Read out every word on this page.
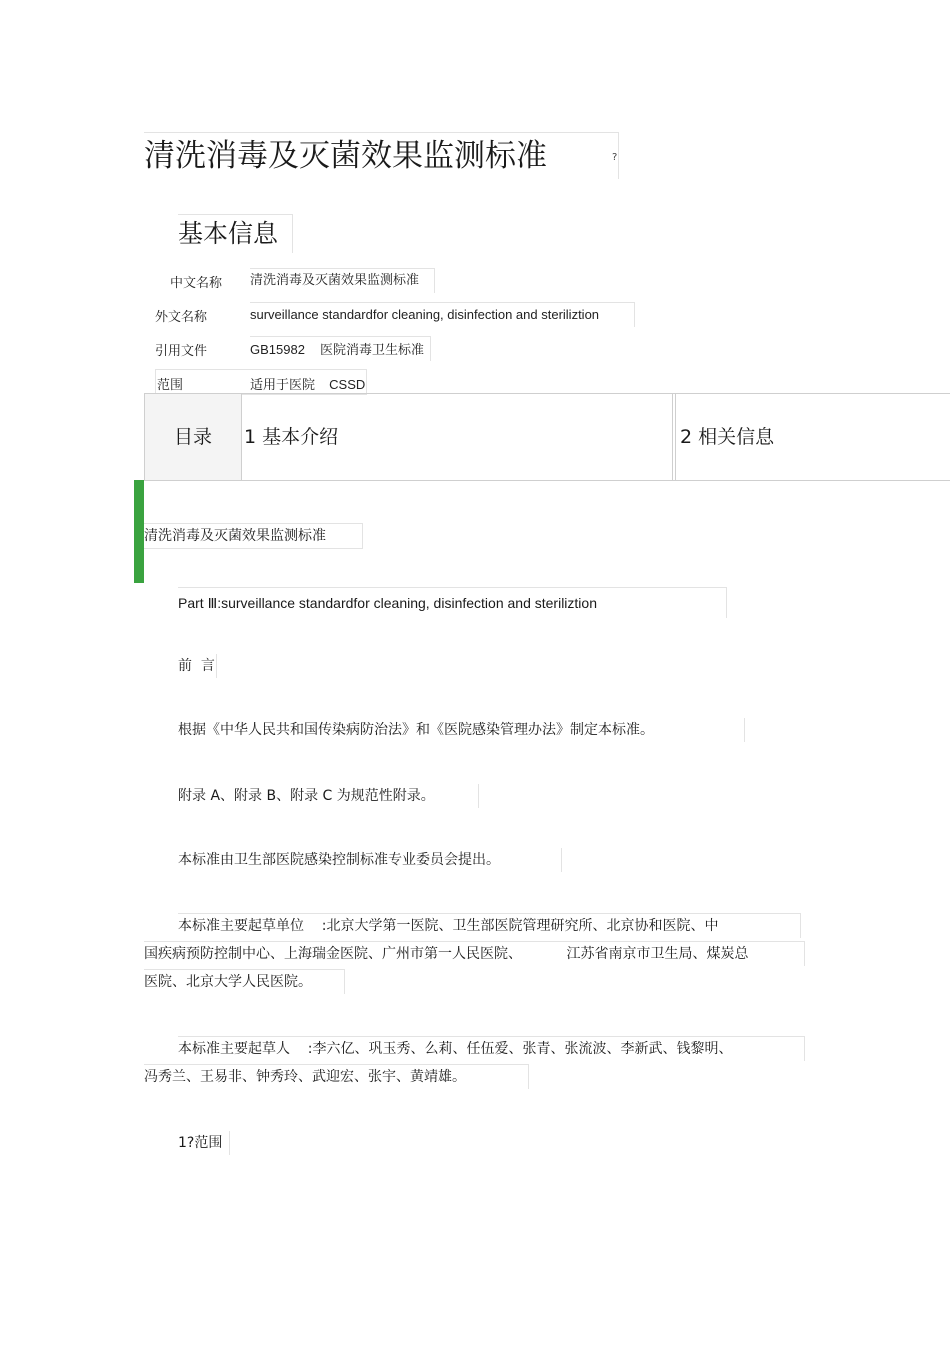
清洗消毒及灭菌效果监测标准	?
基本信息
中文名称 清洗消毒及灭菌效果监测标准
外文名称	surveillance standardfor cleaning, disinfection and steriliztion
引用文件	GB15982 医院消毒卫生标准
范围	适用于医院 CSSD
目录	1 基本介绍	2 相关信息
清洗消毒及灭菌效果监测标准
Part Ⅲ:surveillance standardfor cleaning, disinfection and steriliztion
前  言
根据《中华人民共和国传染病防治法》和《医院感染管理办法》制定本标准。
附录 A、附录 B、附录 C 为规范性附录。
本标准由卫生部医院感染控制标准专业委员会提出。
本标准主要起草单位    :北京大学第一医院、卫生部医院管理研究所、北京协和医院、中
国疾病预防控制中心、上海瑞金医院、广州市第一人民医院、          江苏省南京市卫生局、煤炭总
医院、北京大学人民医院。
本标准主要起草人    :李六亿、巩玉秀、么莉、任伍爱、张青、张流波、李新武、钱黎明、
冯秀兰、王易非、钟秀玲、武迎宏、张宇、黄靖雄。
1?范围
